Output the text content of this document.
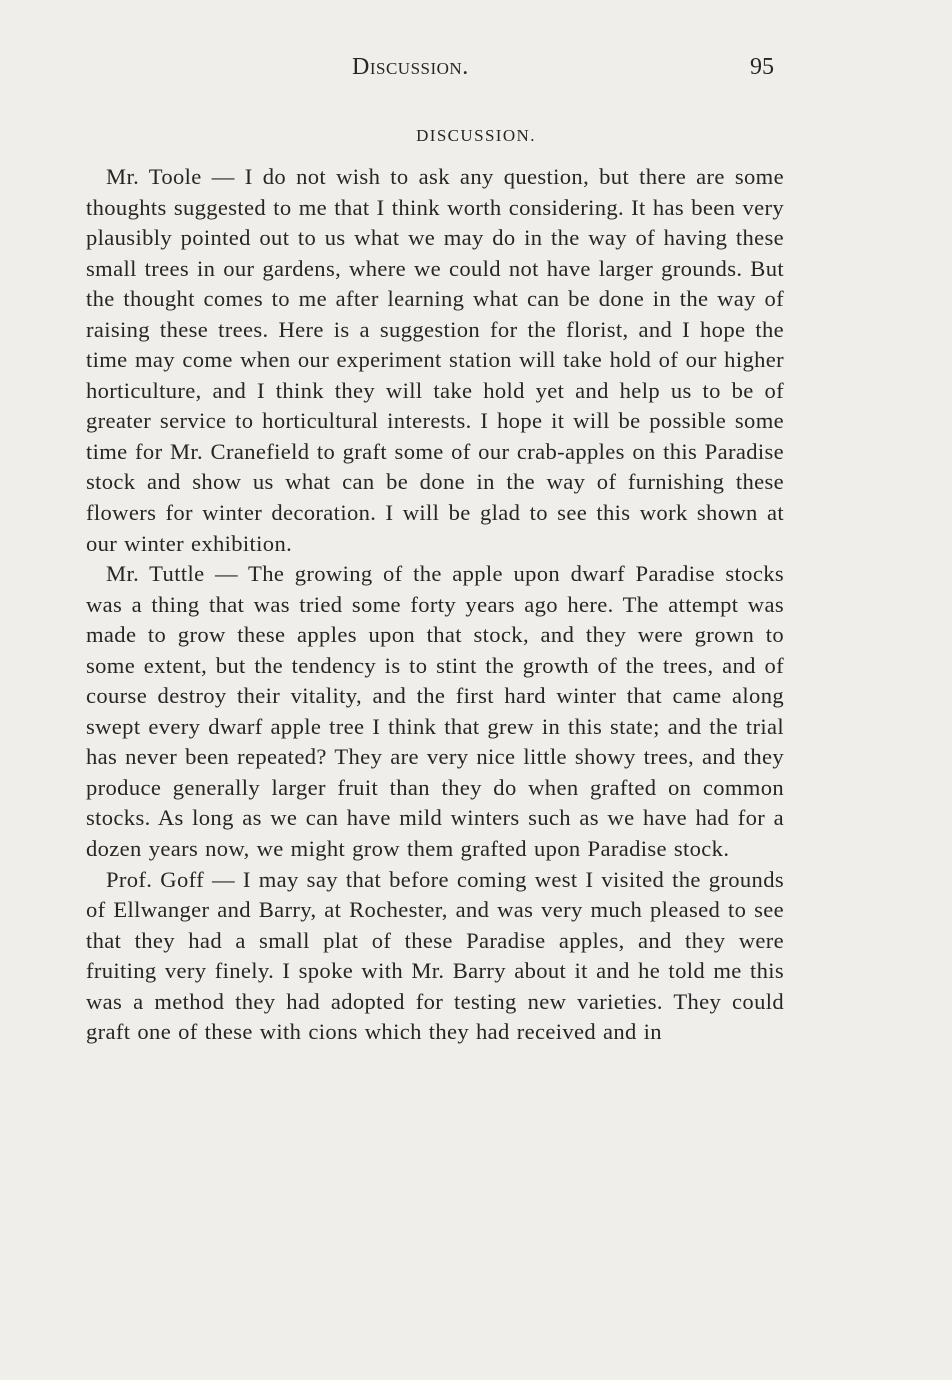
Discussion.	95
DISCUSSION.

Mr. Toole — I do not wish to ask any question, but there are some thoughts suggested to me that I think worth considering. It has been very plausibly pointed out to us what we may do in the way of having these small trees in our gardens, where we could not have larger grounds. But the thought comes to me after learning what can be done in the way of raising these trees. Here is a suggestion for the florist, and I hope the time may come when our experiment station will take hold of our higher horticulture, and I think they will take hold yet and help us to be of greater service to horticultural interests. I hope it will be possible some time for Mr. Cranefield to graft some of our crab-apples on this Paradise stock and show us what can be done in the way of furnishing these flowers for winter decoration. I will be glad to see this work shown at our winter exhibition.

Mr. Tuttle — The growing of the apple upon dwarf Paradise stocks was a thing that was tried some forty years ago here. The attempt was made to grow these apples upon that stock, and they were grown to some extent, but the tendency is to stint the growth of the trees, and of course destroy their vitality, and the first hard winter that came along swept every dwarf apple tree I think that grew in this state; and the trial has never been repeated? They are very nice little showy trees, and they produce generally larger fruit than they do when grafted on common stocks. As long as we can have mild winters such as we have had for a dozen years now, we might grow them grafted upon Paradise stock.

Prof. Goff — I may say that before coming west I visited the grounds of Ellwanger and Barry, at Rochester, and was very much pleased to see that they had a small plat of these Paradise apples, and they were fruiting very finely. I spoke with Mr. Barry about it and he told me this was a method they had adopted for testing new varieties. They could graft one of these with cions which they had received and in
